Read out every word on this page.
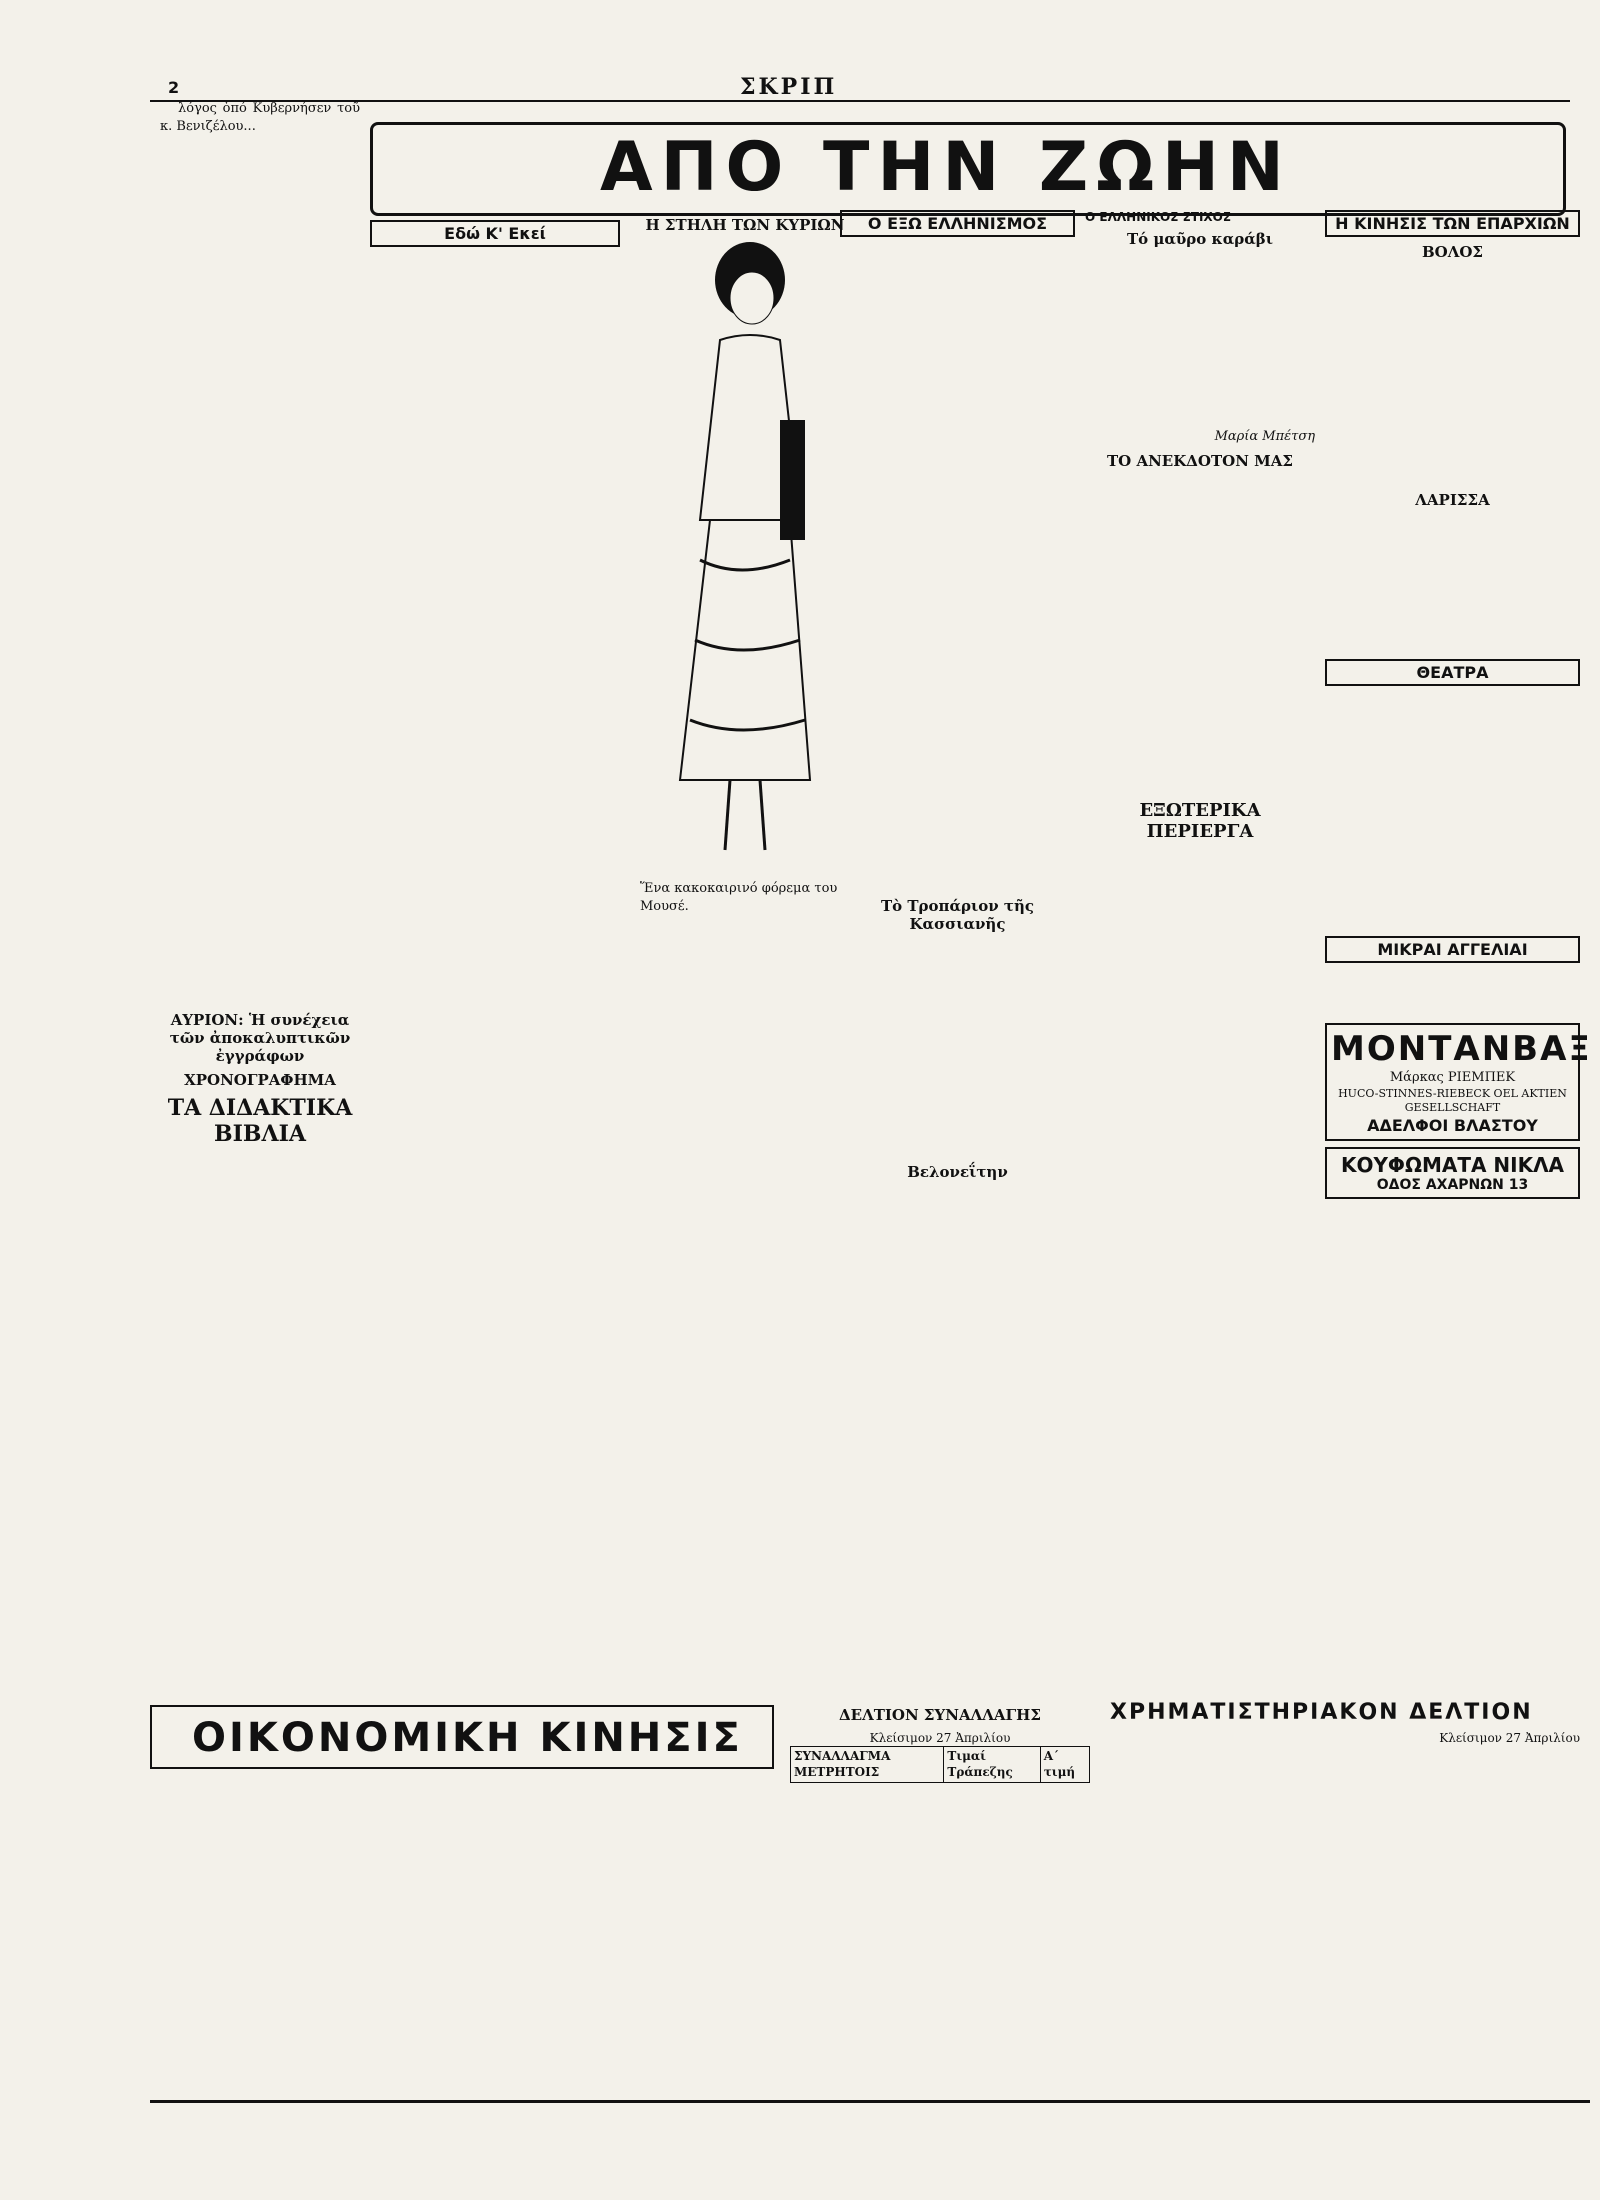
2	ΣΚΡΙΠ
ΑΠΟ ΤΗΝ ΖΩΗΝ

λόγος ὁπό Κυβερνήσεν τοῦ κ. Βενιζέλου...

ΑΥΡΙΟΝ: Ἡ συνέχεια τῶν ἀποκαλυπτικῶν ἐγγράφων
ΧΡΟΝΟΓΡΑΦΗΜΑ
ΤΑ ΔΙΔΑΚΤΙΚΑ ΒΙΒΛΙΑ
Εδώ Κ' Εκεί	Η ΣΤΗΛΗ ΤΩΝ ΚΥΡΙΩΝ
Ἕνα κακοκαιρινό φόρεμα του Μουσέ.
Ο ΕΞΩ ΕΛΛΗΝΙΣΜΟΣ
Τὸ Τροπάριον τῆς Κασσιανῆς
Βελονεΐτην
Ο ΕΛΛΗΝΙΚΟΣ ΣΤΙΧΟΣ
Τό μαῦρο καράβι
Μαρία Μπέτση
ΤΟ ΑΝΕΚΔΟΤΟΝ ΜΑΣ
ΕΞΩΤΕΡΙΚΑ ΠΕΡΙΕΡΓΑ
Η ΚΙΝΗΣΙΣ ΤΩΝ ΕΠΑΡΧΙΩΝ
ΒΟΛΟΣ
ΛΑΡΙΣΣΑ
ΘΕΑΤΡΑ
ΜΙΚΡΑΙ ΑΓΓΕΛΙΑΙ
ΜΟΝΤΑΝΒΑΞ
Μάρκας ΡΙΕΜΠΕΚ
HUCO-STINNES-RIEBECK OEL AKTIEN GESELLSCHAFT
ΑΔΕΛΦΟΙ ΒΛΑΣΤΟΥ
ΚΟΥΦΩΜΑΤΑ ΝΙΚΛΑ
ΟΔΟΣ ΑΧΑΡΝΩΝ 13
ΟΙΚΟΝΟΜΙΚΗ ΚΙΝΗΣΙΣ	ΔΕΛΤΙΟΝ ΣΥΝΑΛΛΑΓΗΣ
Κλείσιμον 27 Ἀπριλίου
ΣΥΝΑΛΛΑΓΜΑ ΜΕΤΡΗΤΟΙΣ	Τιμαί Τράπεζης	Α΄ τιμή
ΧΡΗΜΑΤΙΣΤΗΡΙΑΚΟΝ ΔΕΛΤΙΟΝ
Κλείσιμον 27 Ἀπριλίου
